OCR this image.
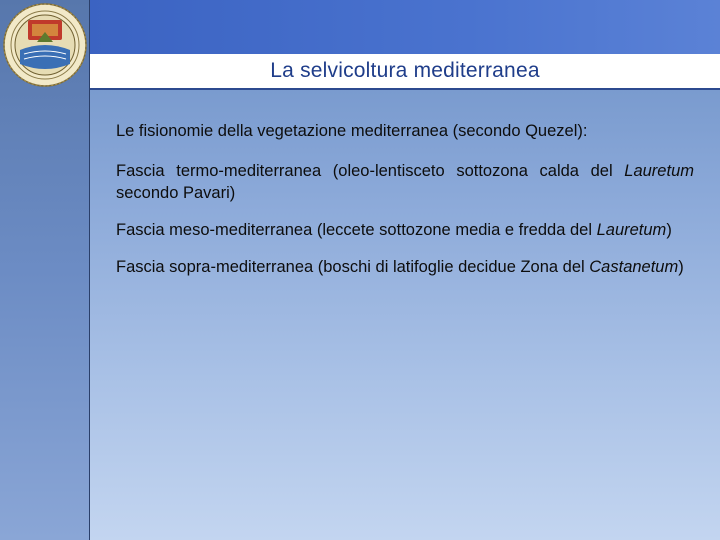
La selvicoltura mediterranea

Le fisionomie della vegetazione mediterranea (secondo Quezel):

Fascia termo-mediterranea (oleo-lentisceto sottozona calda del Lauretum secondo Pavari)

Fascia meso-mediterranea (leccete sottozone media e fredda del Lauretum)

Fascia sopra-mediterranea (boschi di latifoglie decidue Zona del Castanetum)
